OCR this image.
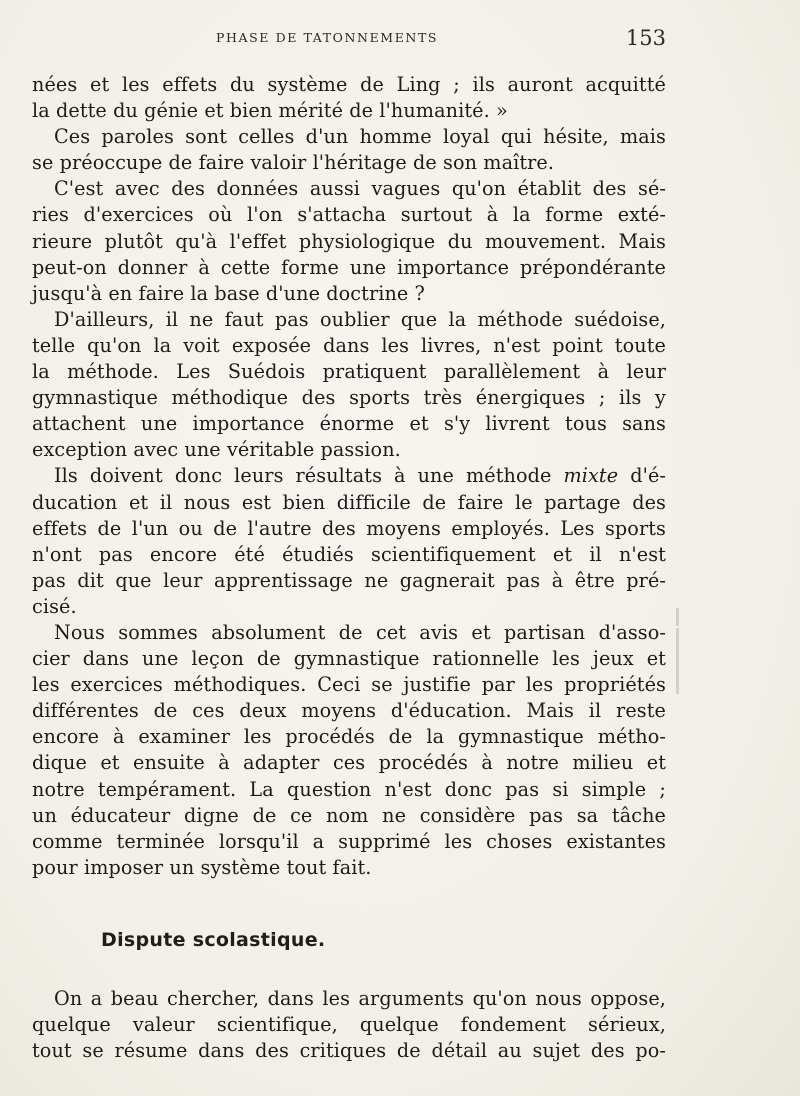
PHASE DE TATONNEMENTS	153
nées et les effets du système de Ling ; ils auront acquitté
la dette du génie et bien mérité de l'humanité. »
Ces paroles sont celles d'un homme loyal qui hésite, mais
se préoccupe de faire valoir l'héritage de son maître.
C'est avec des données aussi vagues qu'on établit des sé-
ries d'exercices où l'on s'attacha surtout à la forme exté-
rieure plutôt qu'à l'effet physiologique du mouvement. Mais
peut-on donner à cette forme une importance prépondérante
jusqu'à en faire la base d'une doctrine ?
D'ailleurs, il ne faut pas oublier que la méthode suédoise,
telle qu'on la voit exposée dans les livres, n'est point toute
la méthode. Les Suédois pratiquent parallèlement à leur
gymnastique méthodique des sports très énergiques ; ils y
attachent une importance énorme et s'y livrent tous sans
exception avec une véritable passion.
Ils doivent donc leurs résultats à une méthode mixte d'é-
ducation et il nous est bien difficile de faire le partage des
effets de l'un ou de l'autre des moyens employés. Les sports
n'ont pas encore été étudiés scientifiquement et il n'est
pas dit que leur apprentissage ne gagnerait pas à être pré-
cisé.
Nous sommes absolument de cet avis et partisan d'asso-
cier dans une leçon de gymnastique rationnelle les jeux et
les exercices méthodiques. Ceci se justifie par les propriétés
différentes de ces deux moyens d'éducation. Mais il reste
encore à examiner les procédés de la gymnastique métho-
dique et ensuite à adapter ces procédés à notre milieu et
notre tempérament. La question n'est donc pas si simple ;
un éducateur digne de ce nom ne considère pas sa tâche
comme terminée lorsqu'il a supprimé les choses existantes
pour imposer un système tout fait.
Dispute scolastique.
On a beau chercher, dans les arguments qu'on nous oppose,
quelque valeur scientifique, quelque fondement sérieux,
tout se résume dans des critiques de détail au sujet des po-
